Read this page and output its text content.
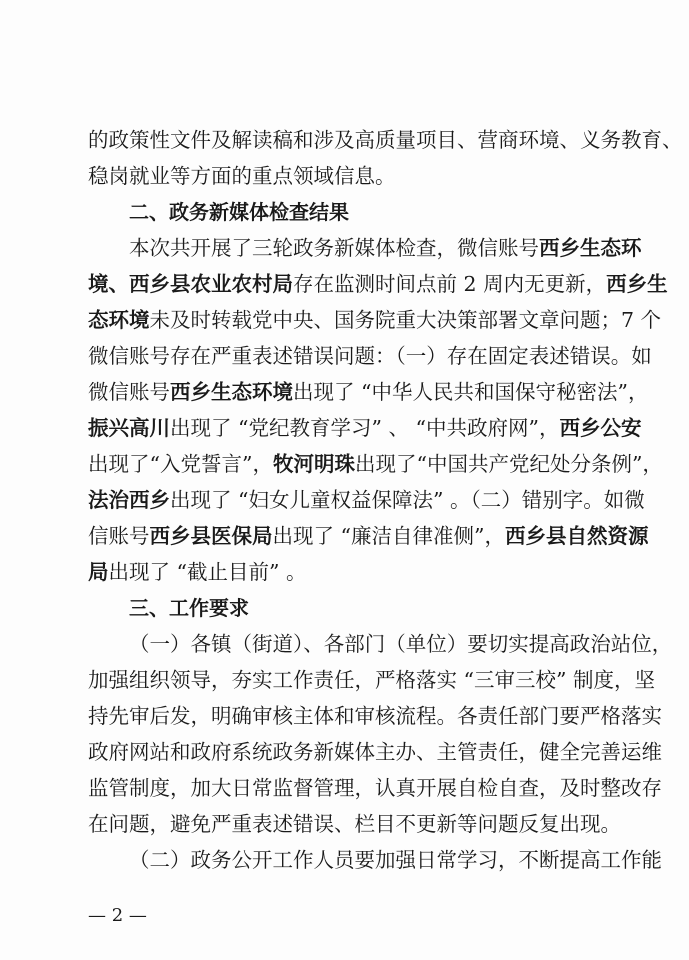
的政策性文件及解读稿和涉及高质量项目、营商环境、义务教育、
稳岗就业等方面的重点领域信息。
二、政务新媒体检查结果
本次共开展了三轮政务新媒体检查，微信账号西乡生态环
境、西乡县农业农村局存在监测时间点前 2 周内无更新，西乡生
态环境未及时转载党中央、国务院重大决策部署文章问题；7 个
微信账号存在严重表述错误问题：（一）存在固定表述错误。如
微信账号西乡生态环境出现了 “中华人民共和国保守秘密法”，
振兴高川出现了 “党纪教育学习” 、 “中共政府网”，西乡公安
出现了“入党誓言”，牧河明珠出现了“中国共产党纪处分条例”，
法治西乡出现了 “妇女儿童权益保障法” 。（二）错别字。如微
信账号西乡县医保局出现了 “廉洁自律准侧”，西乡县自然资源
局出现了 “截止目前” 。
三、工作要求
（一）各镇（街道）、各部门（单位）要切实提高政治站位，
加强组织领导，夯实工作责任，严格落实 “三审三校” 制度，坚
持先审后发，明确审核主体和审核流程。各责任部门要严格落实
政府网站和政府系统政务新媒体主办、主管责任，健全完善运维
监管制度，加大日常监督管理，认真开展自检自查，及时整改存
在问题，避免严重表述错误、栏目不更新等问题反复出现。
（二）政务公开工作人员要加强日常学习，不断提高工作能
— 2 —
